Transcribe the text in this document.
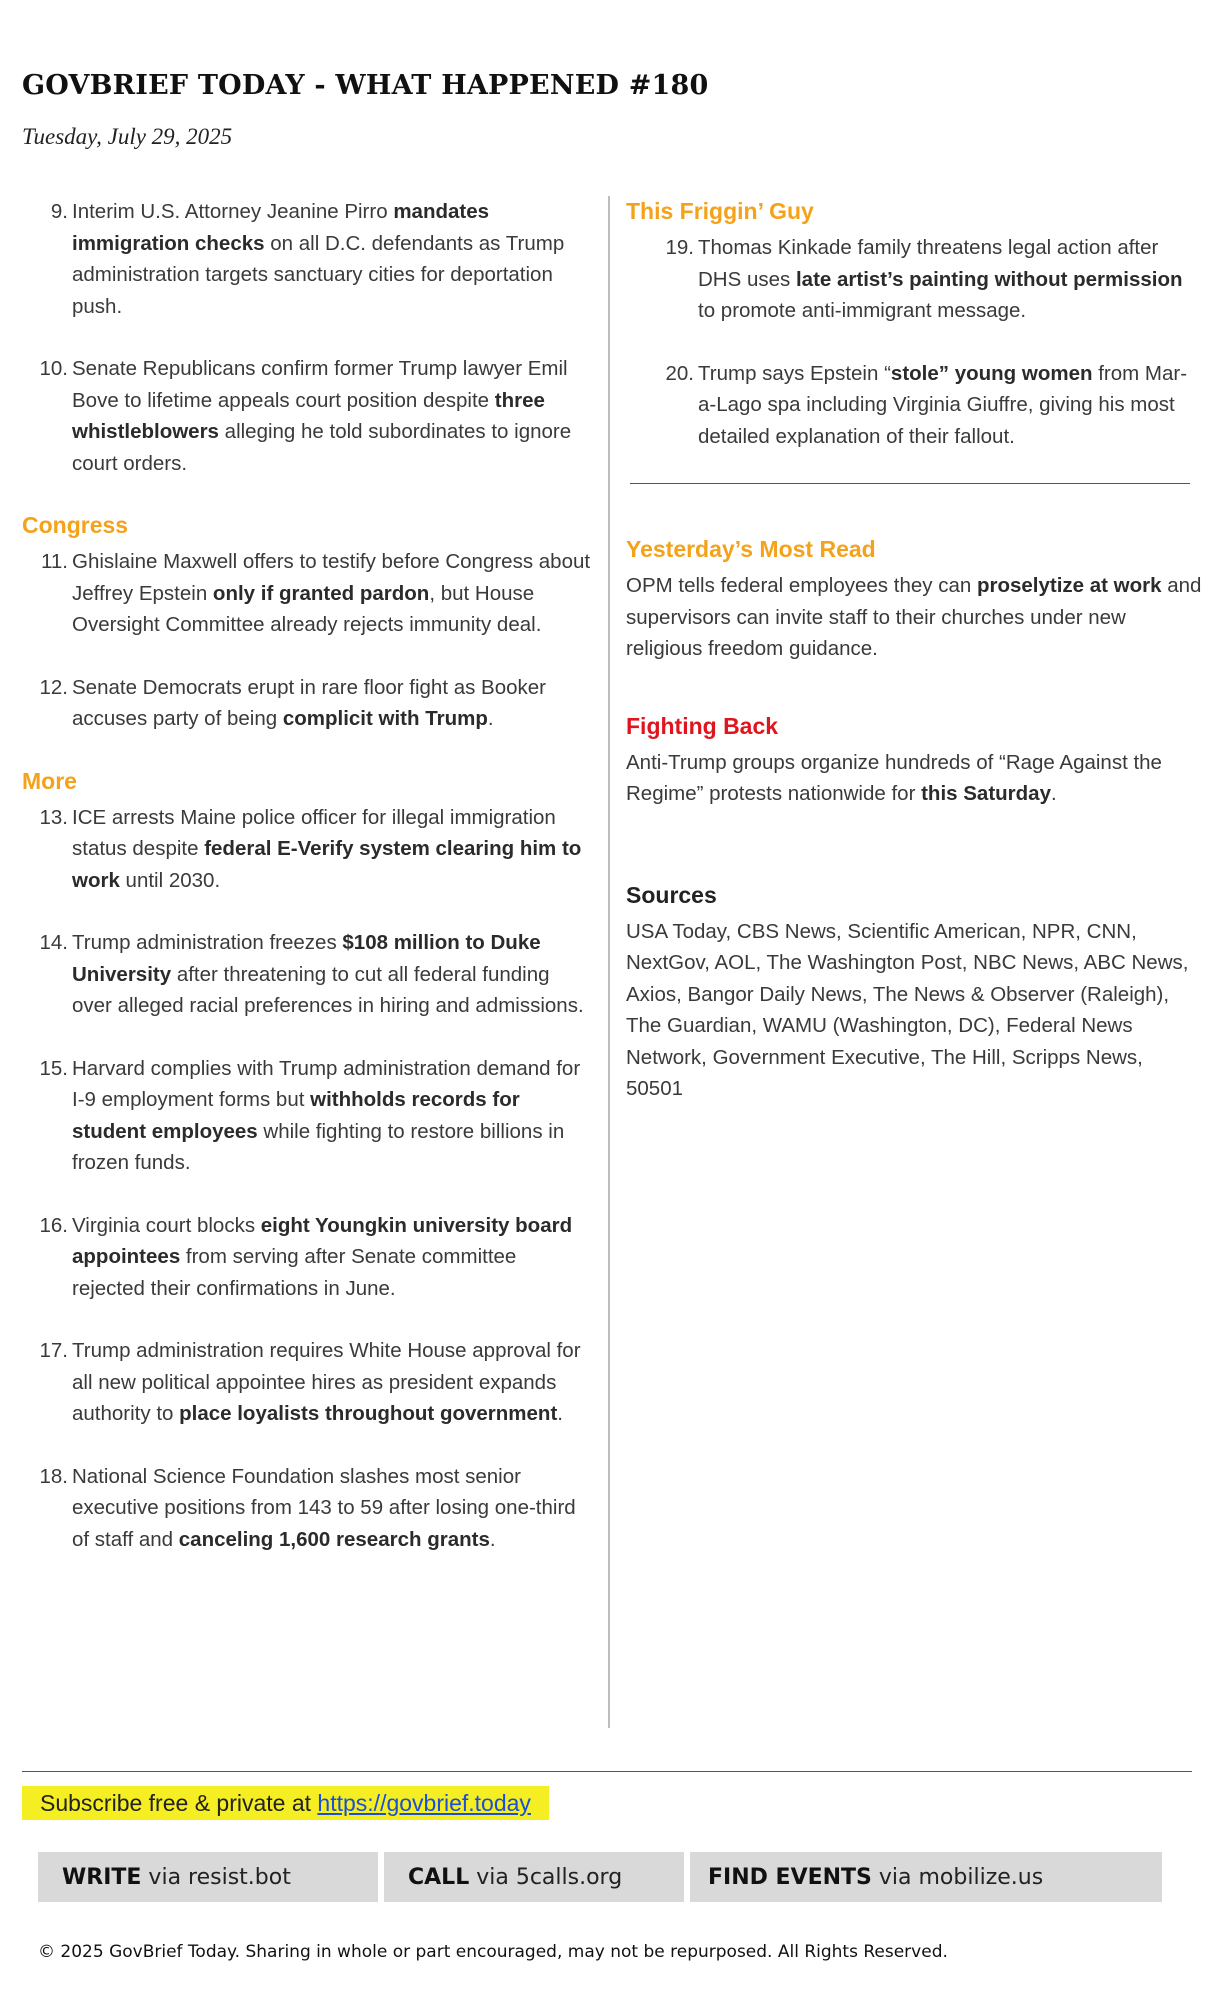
GOVBRIEF TODAY - WHAT HAPPENED #180

Tuesday, July 29, 2025

9. Interim U.S. Attorney Jeanine Pirro mandates immigration checks on all D.C. defendants as Trump administration targets sanctuary cities for deportation push.
10. Senate Republicans confirm former Trump lawyer Emil Bove to lifetime appeals court position despite three whistleblowers alleging he told subordinates to ignore court orders.
Congress
11. Ghislaine Maxwell offers to testify before Congress about Jeffrey Epstein only if granted pardon, but House Oversight Committee already rejects immunity deal.
12. Senate Democrats erupt in rare floor fight as Booker accuses party of being complicit with Trump.
More
13. ICE arrests Maine police officer for illegal immigration status despite federal E-Verify system clearing him to work until 2030.
14. Trump administration freezes $108 million to Duke University after threatening to cut all federal funding over alleged racial preferences in hiring and admissions.
15. Harvard complies with Trump administration demand for I-9 employment forms but withholds records for student employees while fighting to restore billions in frozen funds.
16. Virginia court blocks eight Youngkin university board appointees from serving after Senate committee rejected their confirmations in June.
17. Trump administration requires White House approval for all new political appointee hires as president expands authority to place loyalists throughout government.
18. National Science Foundation slashes most senior executive positions from 143 to 59 after losing one-third of staff and canceling 1,600 research grants.
This Friggin’ Guy
19. Thomas Kinkade family threatens legal action after DHS uses late artist’s painting without permission to promote anti-immigrant message.
20. Trump says Epstein “stole” young women from Mar-a-Lago spa including Virginia Giuffre, giving his most detailed explanation of their fallout.
Yesterday’s Most Read

OPM tells federal employees they can proselytize at work and supervisors can invite staff to their churches under new religious freedom guidance.

Fighting Back

Anti-Trump groups organize hundreds of “Rage Against the Regime” protests nationwide for this Saturday.

Sources

USA Today, CBS News, Scientific American, NPR, CNN, NextGov, AOL, The Washington Post, NBC News, ABC News, Axios, Bangor Daily News, The News & Observer (Raleigh), The Guardian, WAMU (Washington, DC), Federal News Network, Government Executive, The Hill, Scripps News, 50501

Subscribe free & private at https://govbrief.today
WRITE via resist.bot	CALL via 5calls.org	FIND EVENTS via mobilize.us
© 2025 GovBrief Today. Sharing in whole or part encouraged, may not be repurposed. All Rights Reserved.
